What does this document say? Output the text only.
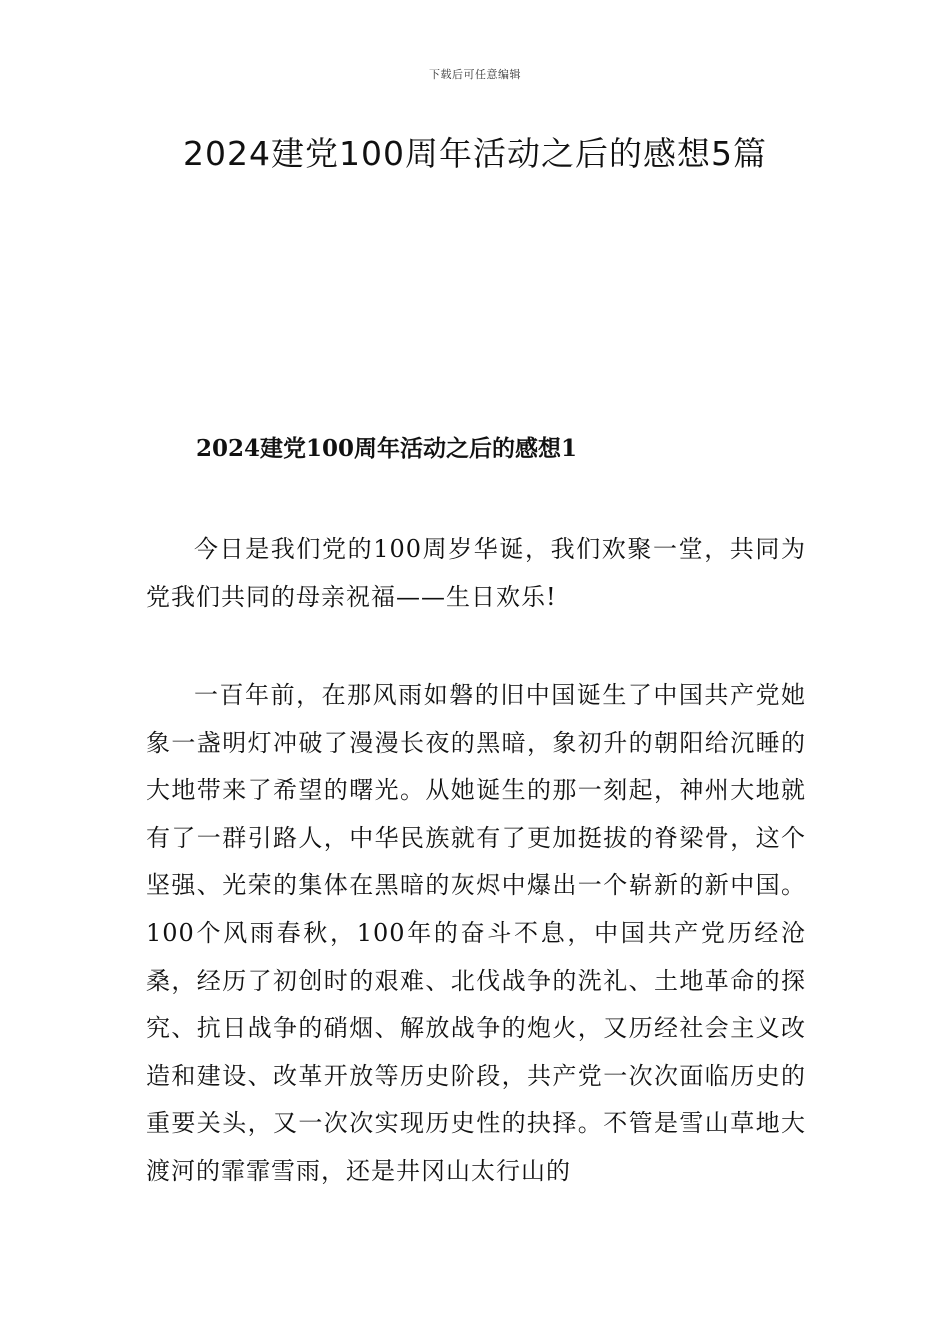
下载后可任意编辑
2024建党100周年活动之后的感想5篇
2024建党100周年活动之后的感想1

今日是我们党的100周岁华诞，我们欢聚一堂，共同为党我们共同的母亲祝福——生日欢乐!

一百年前，在那风雨如磐的旧中国诞生了中国共产党她象一盏明灯冲破了漫漫长夜的黑暗，象初升的朝阳给沉睡的大地带来了希望的曙光。从她诞生的那一刻起，神州大地就有了一群引路人，中华民族就有了更加挺拔的脊梁骨，这个坚强、光荣的集体在黑暗的灰烬中爆出一个崭新的新中国。100个风雨春秋，100年的奋斗不息，中国共产党历经沧桑，经历了初创时的艰难、北伐战争的洗礼、土地革命的探究、抗日战争的硝烟、解放战争的炮火，又历经社会主义改造和建设、改革开放等历史阶段，共产党一次次面临历史的重要关头，又一次次实现历史性的抉择。不管是雪山草地大渡河的霏霏雪雨，还是井冈山太行山的
